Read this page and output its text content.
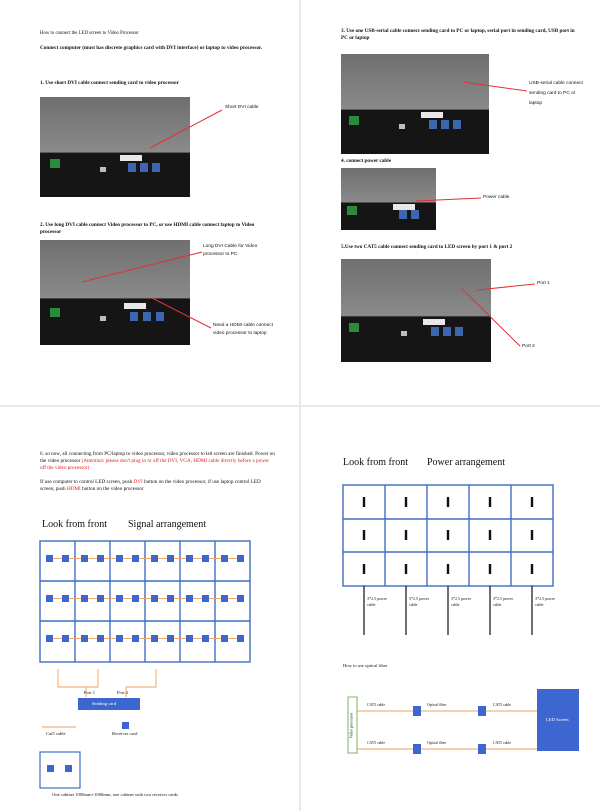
How to connect the LED screen to Video Processor
Connect computer (must has discrete graphics card with DVI interface) or laptop to video processor.
1. Use short DVI cable connect sending card to video processor
Short DVI cable
2. Use long DVI cable connect Video processor to PC, or use HDMI cable connect laptop to Video processor
Long DVI Cable for Video processor to PC
Need a HDMI cable connect video processor to laptop
3. Use one USB-serial cable connect sending card to PC or laptop, serial port in sending card, USB port in PC or laptop
USB-serial cable connect sending card to PC or laptop
4. connect power cable
Power cable
5.Use two CAT5 cable connect sending card to LED screen by port 1 & port 2
Port 1
Port 2
6. so now, all connecting from PC/laptop to video processor, video processor to led screen are finished. Power on the video processor (Attention: please don't plug in or off the DVI, VGA, HDMI cable directly before a power off the video processor)
If use computer to control LED screen, push DVI button on the video processor, if use laptop control LED screen, push HDMI button on the video processor
Look from front Signal arrangement
Port 1	Port 2
Sending card
Cat5 cable	Receiver card
One cabinet 1000mm×1000mm, one cabinet with two receiver cards
Look from front Power arrangement
3*2.5 power cable
3*2.5 power cable
3*2.5 power cable
3*2.5 power cable
3*2.5 power cable
How to use optical fiber
Video processor	LED Screen
CAT5 cable	Optical fiber	CAT5 cable
CAT5 cable	Optical fiber	CAT5 cable
